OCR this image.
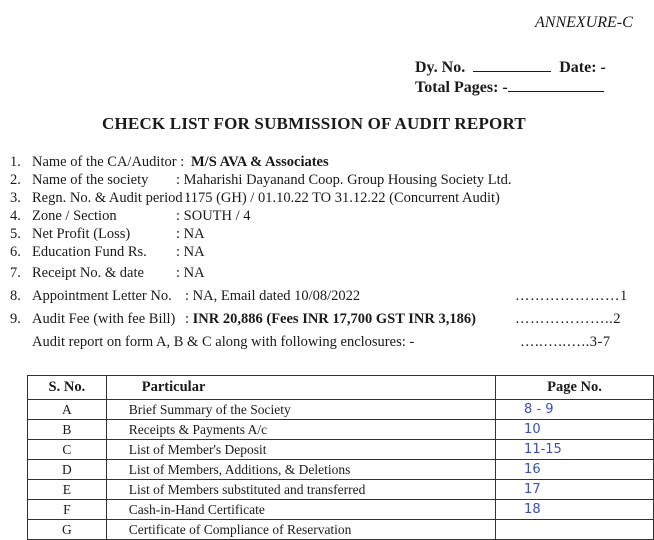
ANNEXURE-C
Dy. No.	Date: -
Total Pages: -
CHECK LIST FOR SUBMISSION OF AUDIT REPORT
1. Name of the CA/Auditor : M/S AVA & Associates
2. Name of the society : Maharishi Dayanand Coop. Group Housing Society Ltd.
3. Regn. No. & Audit period :
1175 (GH) / 01.10.22 TO 31.12.22 (Concurrent Audit)
4. Zone / Section	: SOUTH / 4
5. Net Profit (Loss)	: NA
6. Education Fund Rs. : NA
7. Receipt No. & date : NA
8. Appointment Letter No. : NA, Email dated 10/08/2022	…………………1
9. Audit Fee (with fee Bill) : INR 20,886 (Fees INR 17,700 GST INR 3,186)	………………..2
Audit report on form A, B & C along with following enclosures: -	…..…..…..3-7
S. No.	Particular	Page No.
A	Brief Summary of the Society	8 - 9
B	Receipts & Payments A/c	10
C	List of Member's Deposit	11-15
D	List of Members, Additions, & Deletions	16
E	List of Members substituted and transferred	17
F	Cash-in-Hand Certificate	18
G	Certificate of Compliance of Reservation	
